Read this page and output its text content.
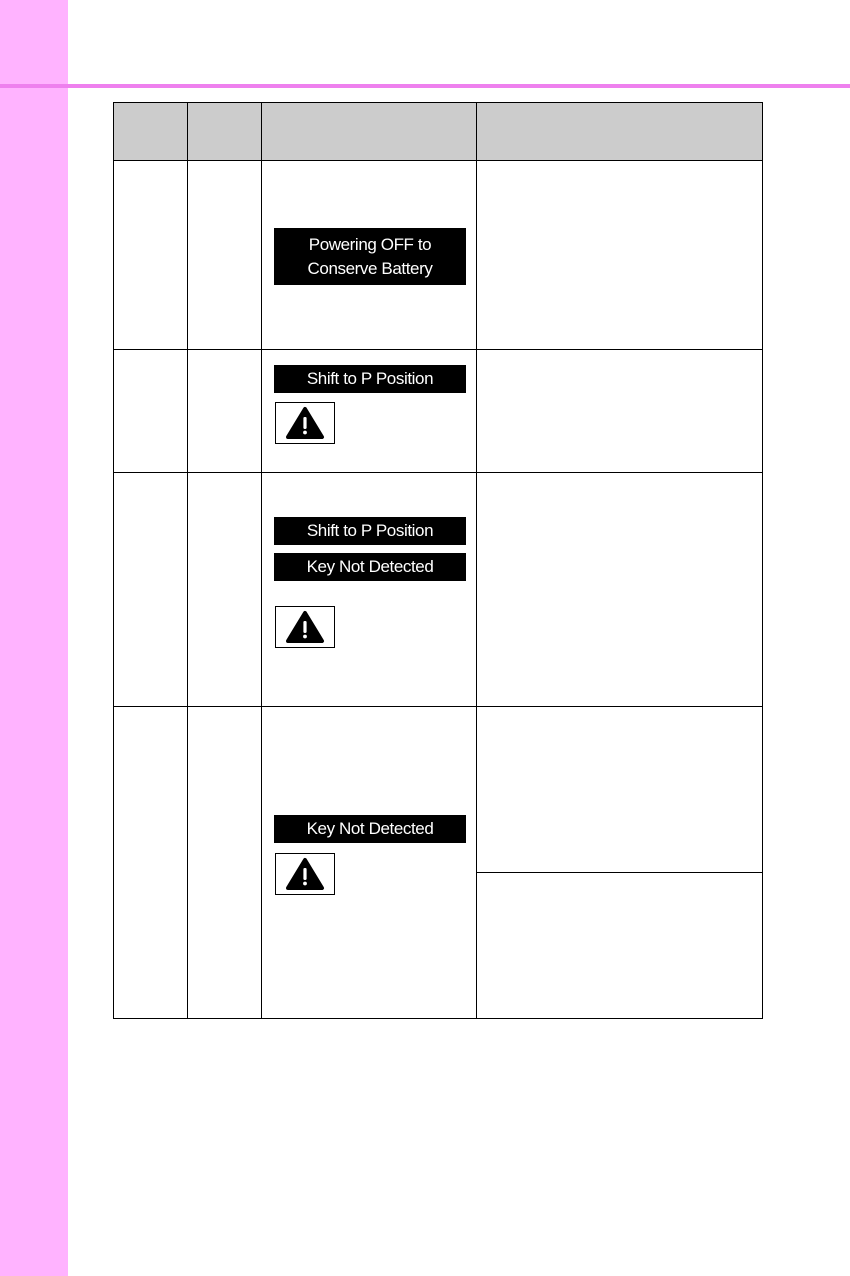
Powering OFF to
Conserve Battery
Shift to P Position
Shift to P Position
Key Not Detected
Key Not Detected
